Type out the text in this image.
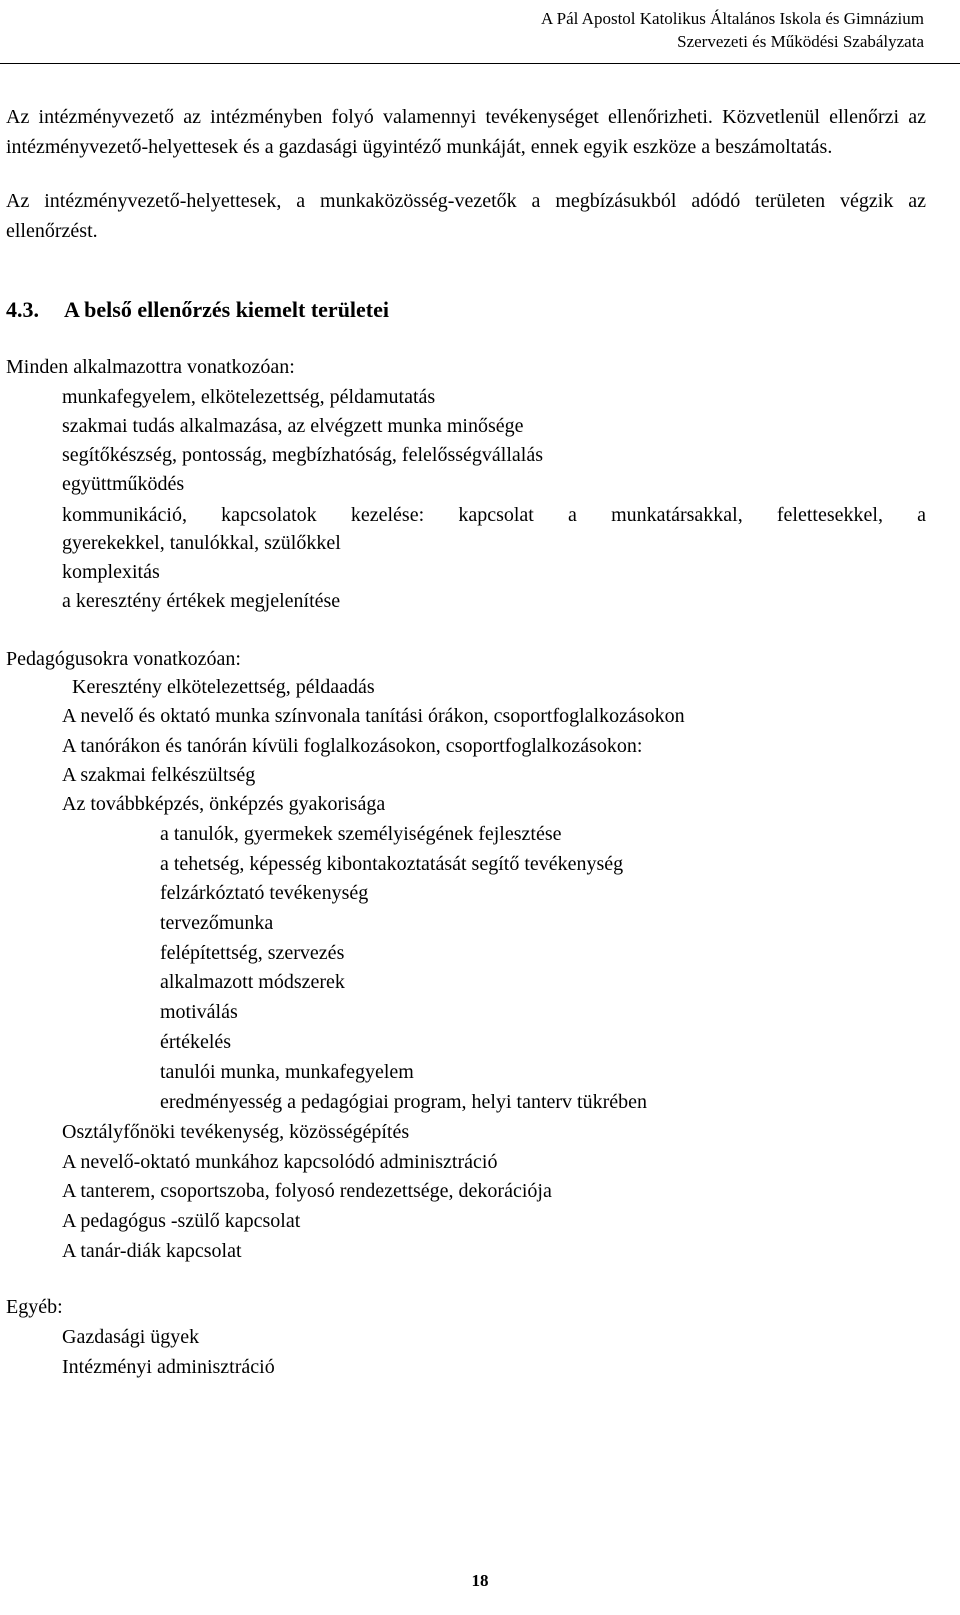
A Pál Apostol Katolikus Általános Iskola és Gimnázium
Szervezeti és Működési Szabályzata

Az intézményvezető az intézményben folyó valamennyi tevékenységet ellenőrizheti. Közvetlenül ellenőrzi az intézményvezető-helyettesek és a gazdasági ügyintéző munkáját, ennek egyik eszköze a beszámoltatás.

Az intézményvezető-helyettesek, a munkaközösség-vezetők a megbízásukból adódó területen végzik az ellenőrzést.

4.3. A belső ellenőrzés kiemelt területei
Minden alkalmazottra vonatkozóan:
munkafegyelem, elkötelezettség, példamutatás
szakmai tudás alkalmazása, az elvégzett munka minősége
segítőkészség, pontosság, megbízhatóság, felelősségvállalás
együttműködés
kommunikáció, kapcsolatok kezelése: kapcsolat a munkatársakkal, felettesekkel, a
gyerekekkel, tanulókkal, szülőkkel
komplexitás
a keresztény értékek megjelenítése
Pedagógusokra vonatkozóan:
Keresztény elkötelezettség, példaadás
A nevelő és oktató munka színvonala tanítási órákon, csoportfoglalkozásokon
A tanórákon és tanórán kívüli foglalkozásokon, csoportfoglalkozásokon:
A szakmai felkészültség
Az továbbképzés, önképzés gyakorisága
a tanulók, gyermekek személyiségének fejlesztése
a tehetség, képesség kibontakoztatását segítő tevékenység
felzárkóztató tevékenység
tervezőmunka
felépítettség, szervezés
alkalmazott módszerek
motiválás
értékelés
tanulói munka, munkafegyelem
eredményesség a pedagógiai program, helyi tanterv tükrében
Osztályfőnöki tevékenység, közösségépítés
A nevelő-oktató munkához kapcsolódó adminisztráció
A tanterem, csoportszoba, folyosó rendezettsége, dekorációja
A pedagógus -szülő kapcsolat
A tanár-diák kapcsolat
Egyéb:
Gazdasági ügyek
Intézményi adminisztráció
18
